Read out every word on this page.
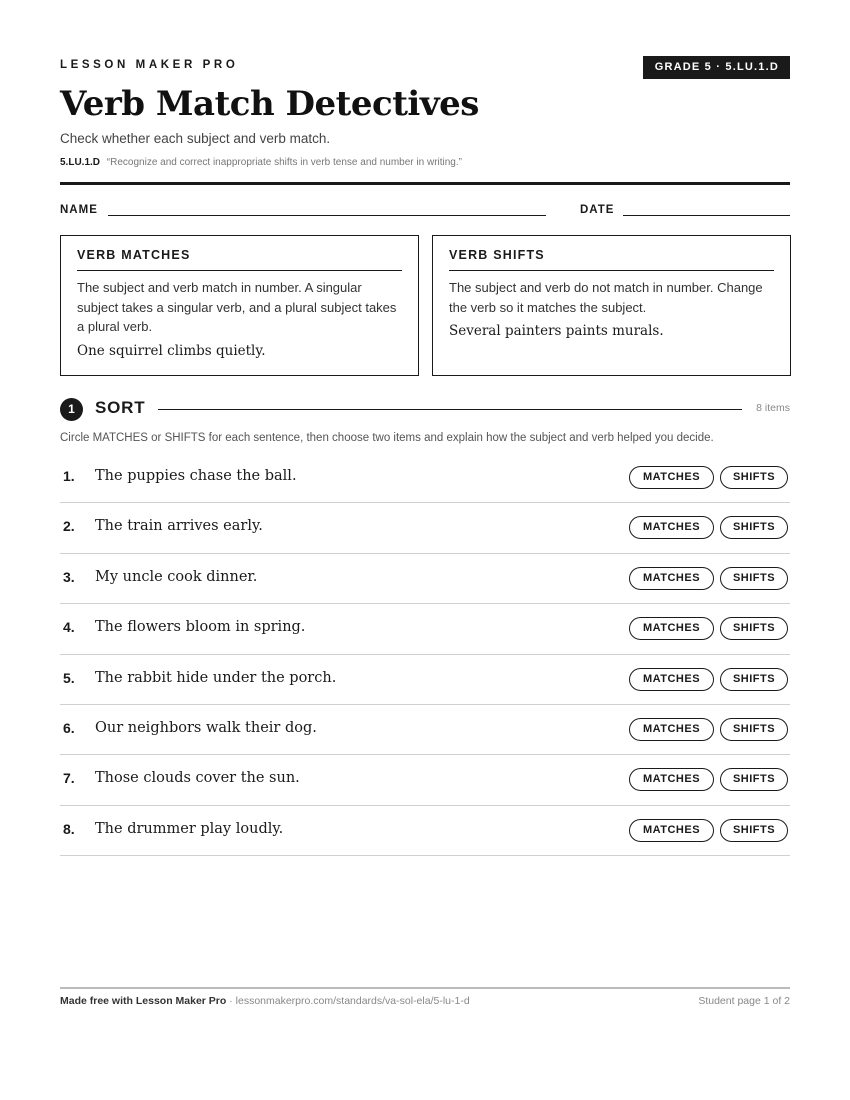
LESSON MAKER PRO	GRADE 5 · 5.LU.1.D
Verb Match Detectives
Check whether each subject and verb match.
5.LU.1.D “Recognize and correct inappropriate shifts in verb tense and number in writing.”
NAME	DATE
VERB MATCHES
The subject and verb match in number. A singular subject takes a singular verb, and a plural subject takes a plural verb.
One squirrel climbs quietly.
VERB SHIFTS
The subject and verb do not match in number. Change the verb so it matches the subject.
Several painters paints murals.
1	SORT	8 items
Circle MATCHES or SHIFTS for each sentence, then choose two items and explain how the subject and verb helped you decide.
1. The puppies chase the ball.	MATCHES	SHIFTS
2. The train arrives early.	MATCHES	SHIFTS
3. My uncle cook dinner.	MATCHES	SHIFTS
4. The flowers bloom in spring.	MATCHES	SHIFTS
5. The rabbit hide under the porch.	MATCHES	SHIFTS
6. Our neighbors walk their dog.	MATCHES	SHIFTS
7. Those clouds cover the sun.	MATCHES	SHIFTS
8. The drummer play loudly.	MATCHES	SHIFTS
Made free with Lesson Maker Pro · lessonmakerpro.com/standards/va-sol-ela/5-lu-1-d	Student page 1 of 2
